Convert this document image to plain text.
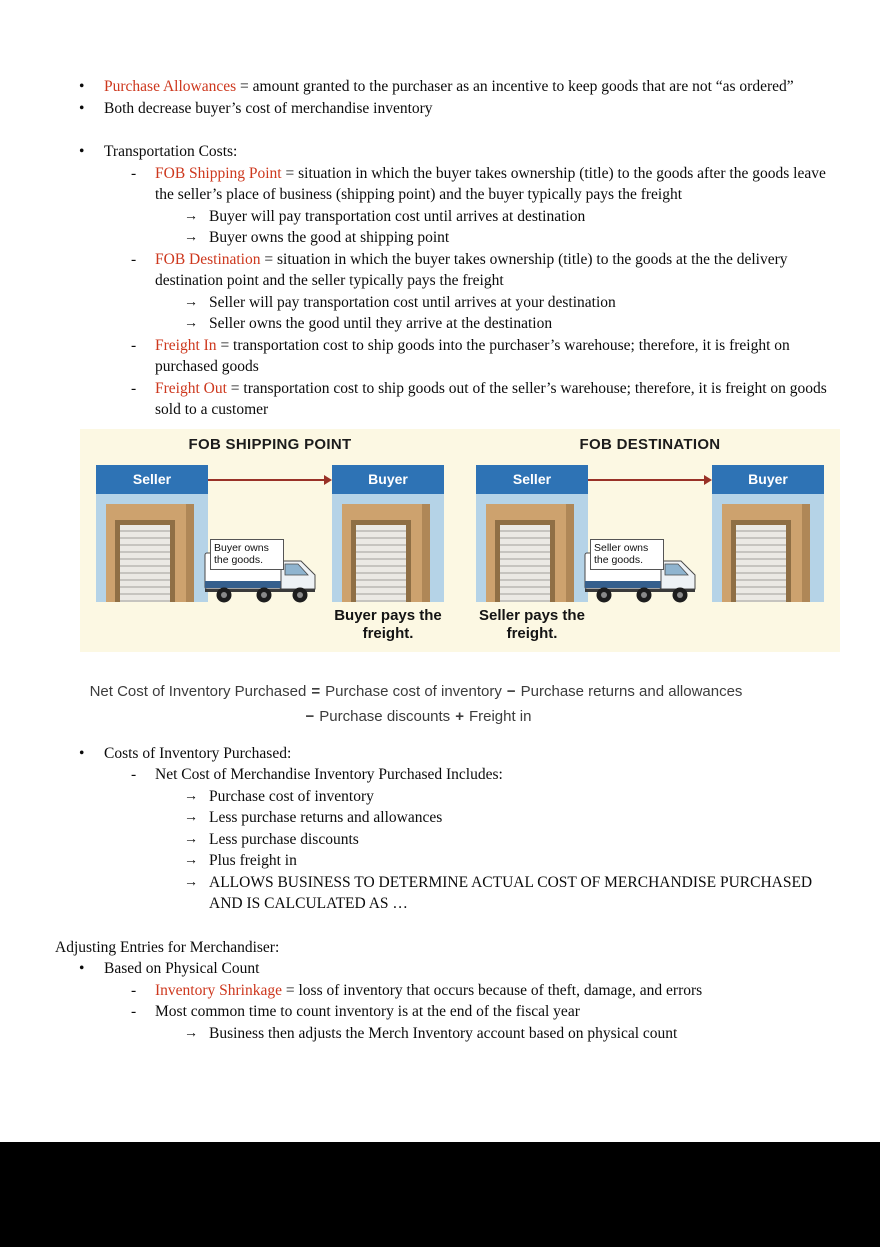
• Purchase Allowances = amount granted to the purchaser as an incentive to keep goods that are not “as ordered”
• Both decrease buyer’s cost of merchandise inventory
• Transportation Costs:
- FOB Shipping Point = situation in which the buyer takes ownership (title) to the goods after the goods leave the seller’s place of business (shipping point) and the buyer typically pays the freight
→ Buyer will pay transportation cost until arrives at destination
→ Buyer owns the good at shipping point
- FOB Destination = situation in which the buyer takes ownership (title) to the goods at the the delivery destination point and the seller typically pays the freight
→ Seller will pay transportation cost until arrives at your destination
→ Seller owns the good until they arrive at the destination
- Freight In = transportation cost to ship goods into the purchaser’s warehouse; therefore, it is freight on purchased goods
- Freight Out = transportation cost to ship goods out of the seller’s warehouse; therefore, it is freight on goods sold to a customer
FOB SHIPPING POINT
Seller	Buyer
Buyer owns the goods.
Buyer pays the freight.
FOB DESTINATION
Seller	Buyer
Seller owns the goods.
Seller pays the freight.
Net Cost of Inventory Purchased = Purchase cost of inventory − Purchase returns and allowances
− Purchase discounts + Freight in
• Costs of Inventory Purchased:
- Net Cost of Merchandise Inventory Purchased Includes:
→ Purchase cost of inventory
→ Less purchase returns and allowances
→ Less purchase discounts
→ Plus freight in
→ ALLOWS BUSINESS TO DETERMINE ACTUAL COST OF MERCHANDISE PURCHASED AND IS CALCULATED AS …
Adjusting Entries for Merchandiser:
• Based on Physical Count
- Inventory Shrinkage = loss of inventory that occurs because of theft, damage, and errors
- Most common time to count inventory is at the end of the fiscal year
→ Business then adjusts the Merch Inventory account based on physical count
